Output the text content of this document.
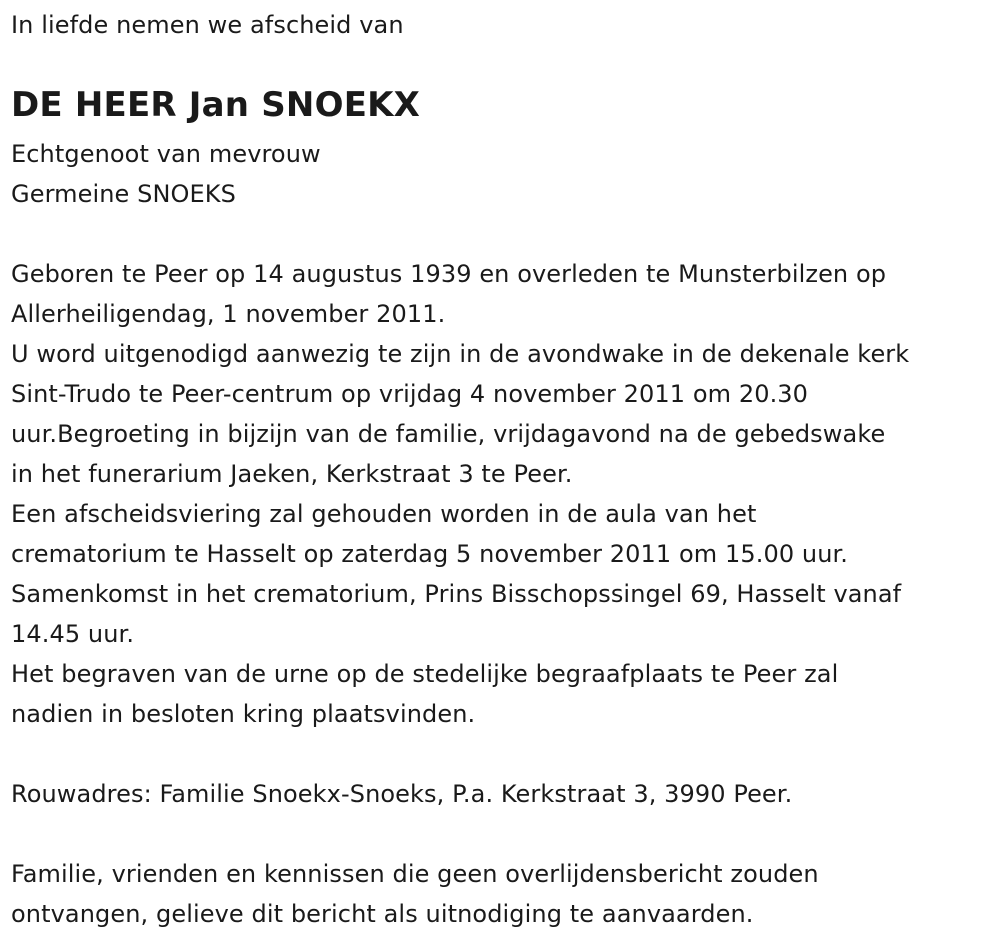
In liefde nemen we afscheid van
DE HEER Jan SNOEKX
Echtgenoot van mevrouw
Germeine SNOEKS
Geboren te Peer op 14 augustus 1939 en overleden te Munsterbilzen op
Allerheiligendag, 1 november 2011.
U word uitgenodigd aanwezig te zijn in de avondwake in de dekenale kerk
Sint-Trudo te Peer-centrum op vrijdag 4 november 2011 om 20.30
uur.Begroeting in bijzijn van de familie, vrijdagavond na de gebedswake
in het funerarium Jaeken, Kerkstraat 3 te Peer.
Een afscheidsviering zal gehouden worden in de aula van het
crematorium te Hasselt op zaterdag 5 november 2011 om 15.00 uur.
Samenkomst in het crematorium, Prins Bisschopssingel 69, Hasselt vanaf
14.45 uur.
Het begraven van de urne op de stedelijke begraafplaats te Peer zal
nadien in besloten kring plaatsvinden.
Rouwadres: Familie Snoekx-Snoeks, P.a. Kerkstraat 3, 3990 Peer.
Familie, vrienden en kennissen die geen overlijdensbericht zouden
ontvangen, gelieve dit bericht als uitnodiging te aanvaarden.
